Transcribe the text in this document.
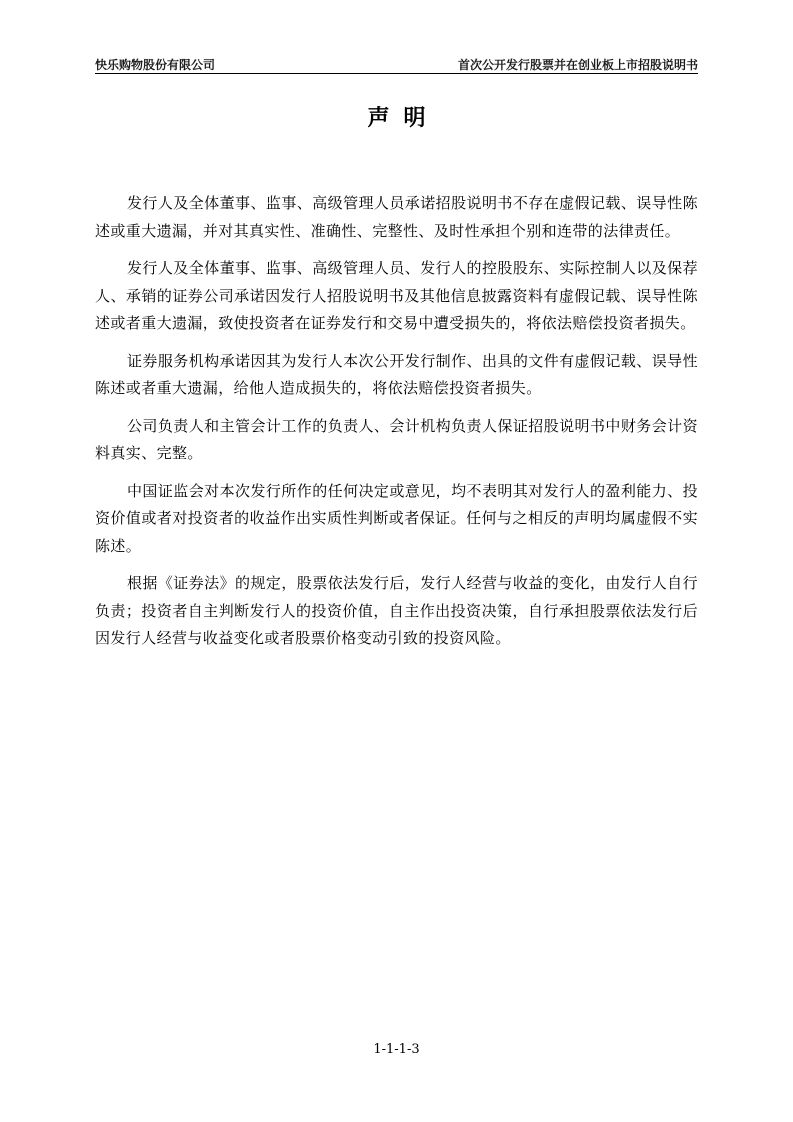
快乐购物股份有限公司	首次公开发行股票并在创业板上市招股说明书
声明

发行人及全体董事、监事、高级管理人员承诺招股说明书不存在虚假记载、误导性陈述或重大遗漏，并对其真实性、准确性、完整性、及时性承担个别和连带的法律责任。

发行人及全体董事、监事、高级管理人员、发行人的控股股东、实际控制人以及保荐人、承销的证券公司承诺因发行人招股说明书及其他信息披露资料有虚假记载、误导性陈述或者重大遗漏，致使投资者在证券发行和交易中遭受损失的，将依法赔偿投资者损失。

证券服务机构承诺因其为发行人本次公开发行制作、出具的文件有虚假记载、误导性陈述或者重大遗漏，给他人造成损失的，将依法赔偿投资者损失。

公司负责人和主管会计工作的负责人、会计机构负责人保证招股说明书中财务会计资料真实、完整。

中国证监会对本次发行所作的任何决定或意见，均不表明其对发行人的盈利能力、投资价值或者对投资者的收益作出实质性判断或者保证。任何与之相反的声明均属虚假不实陈述。

根据《证券法》的规定，股票依法发行后，发行人经营与收益的变化，由发行人自行负责；投资者自主判断发行人的投资价值，自主作出投资决策，自行承担股票依法发行后因发行人经营与收益变化或者股票价格变动引致的投资风险。

1-1-1-3
